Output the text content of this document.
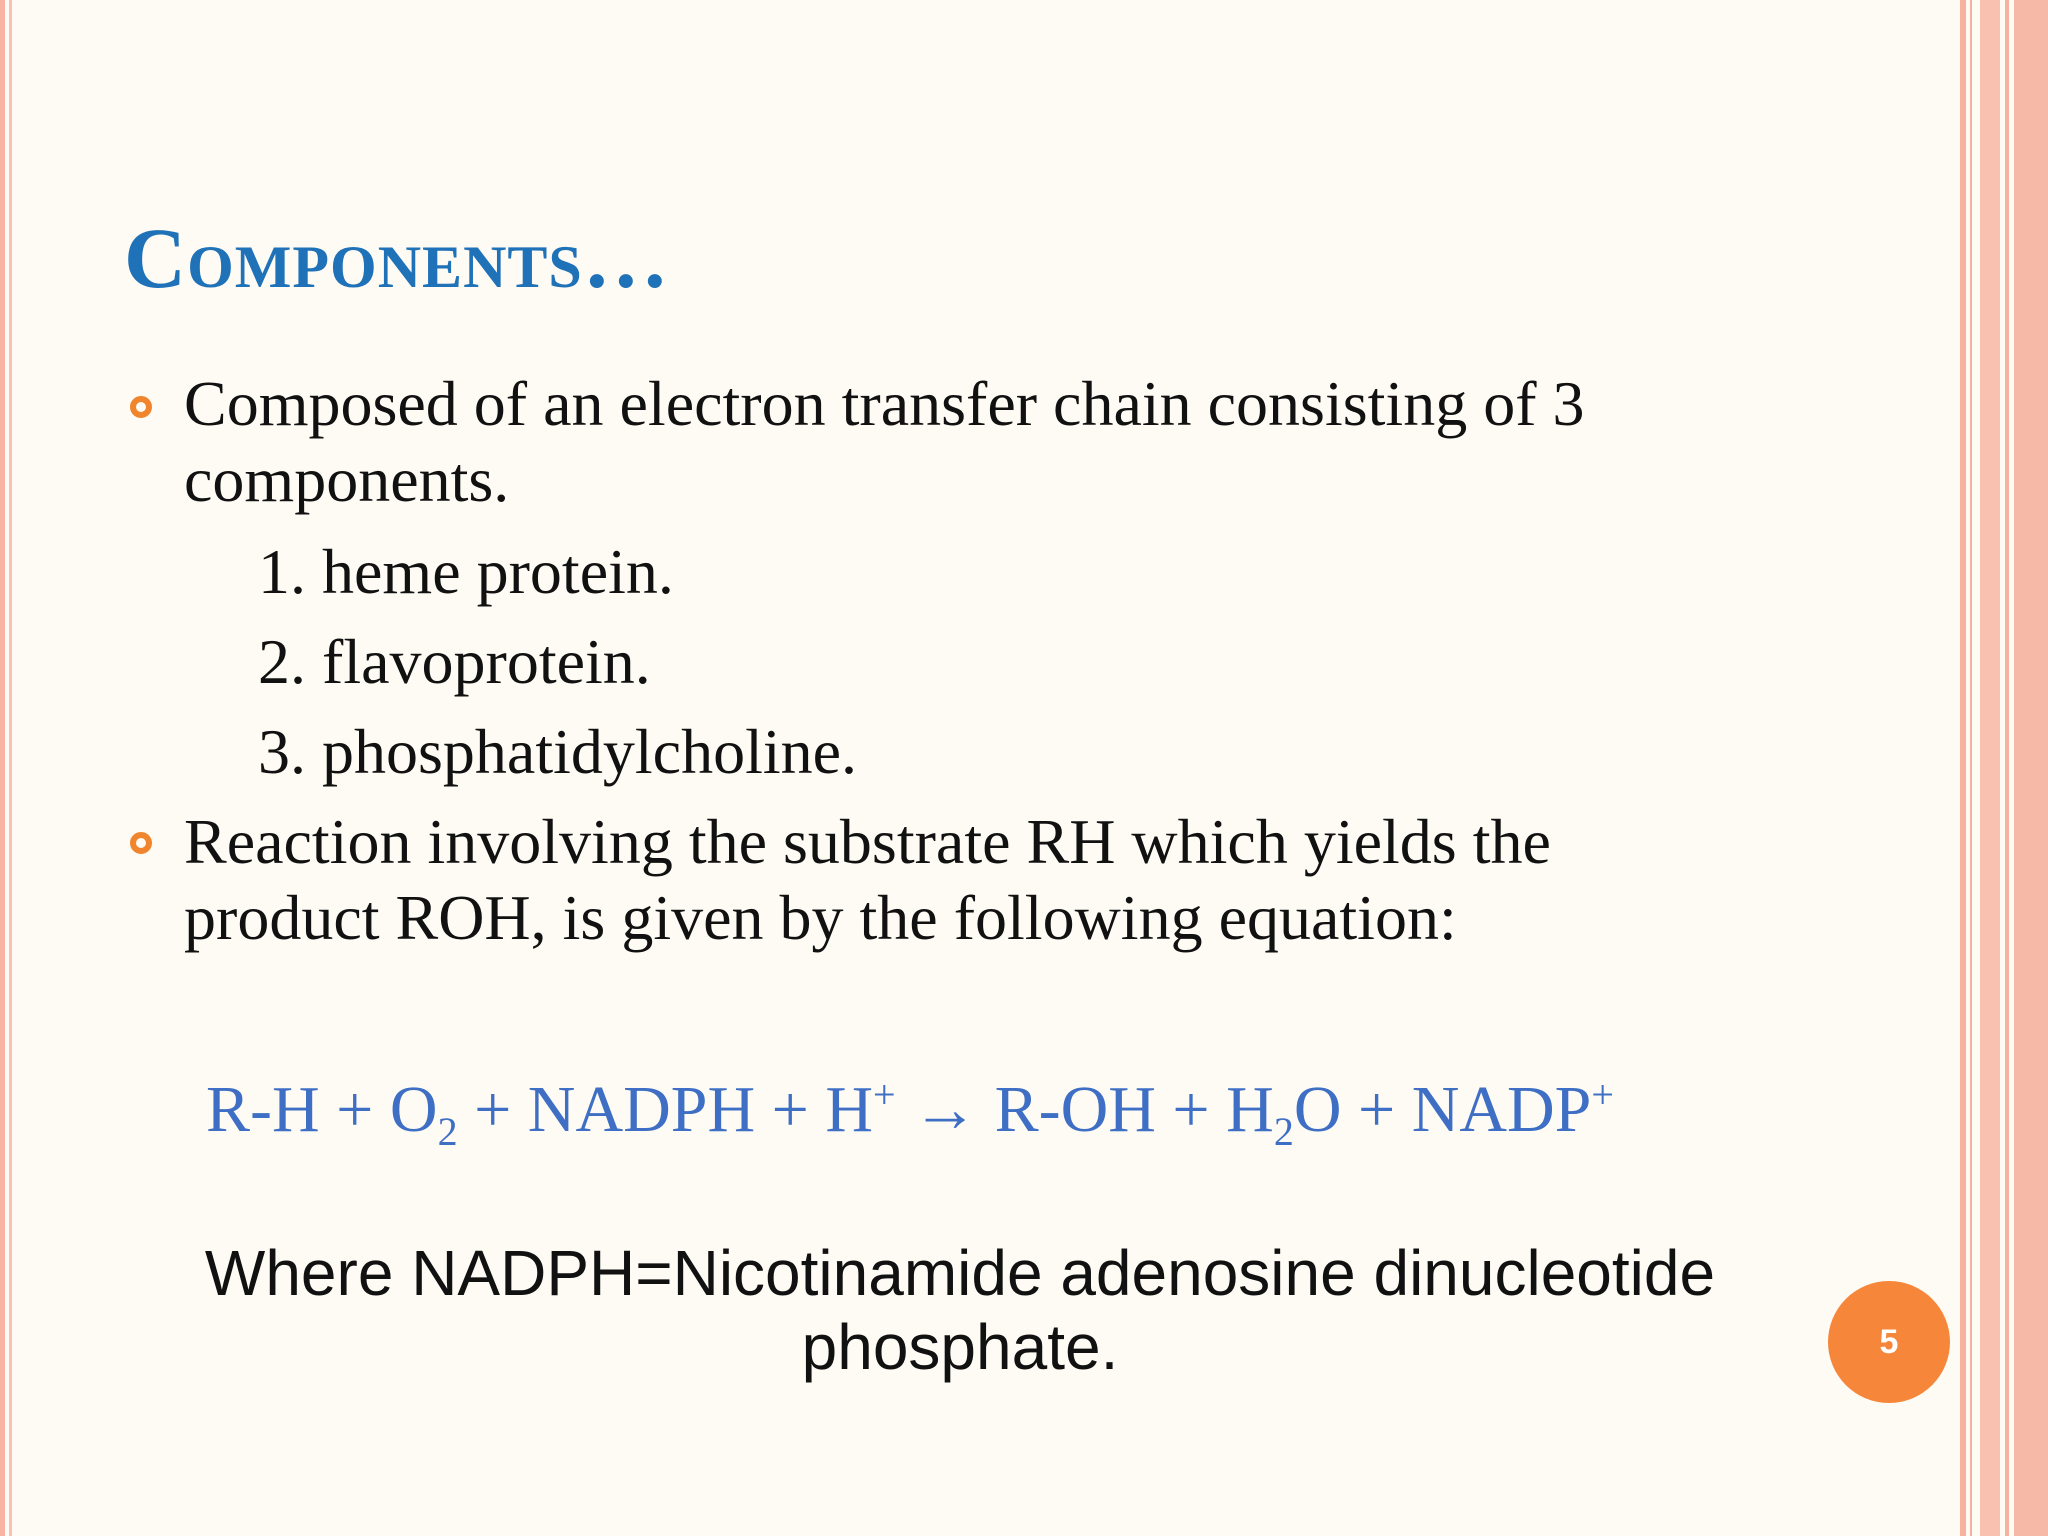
Components…

Composed of an electron transfer chain consisting of 3

components.

1. heme protein.

2. flavoprotein.

3. phosphatidylcholine.

Reaction involving the substrate RH which yields the

product ROH, is given by the following equation:

$R-H + O_2$ + NADPH + $H^+ \to R-OH + H_2O$ + NADP+

Where NADPH=Nicotinamide adenosine dinucleotide
phosphate.	5
